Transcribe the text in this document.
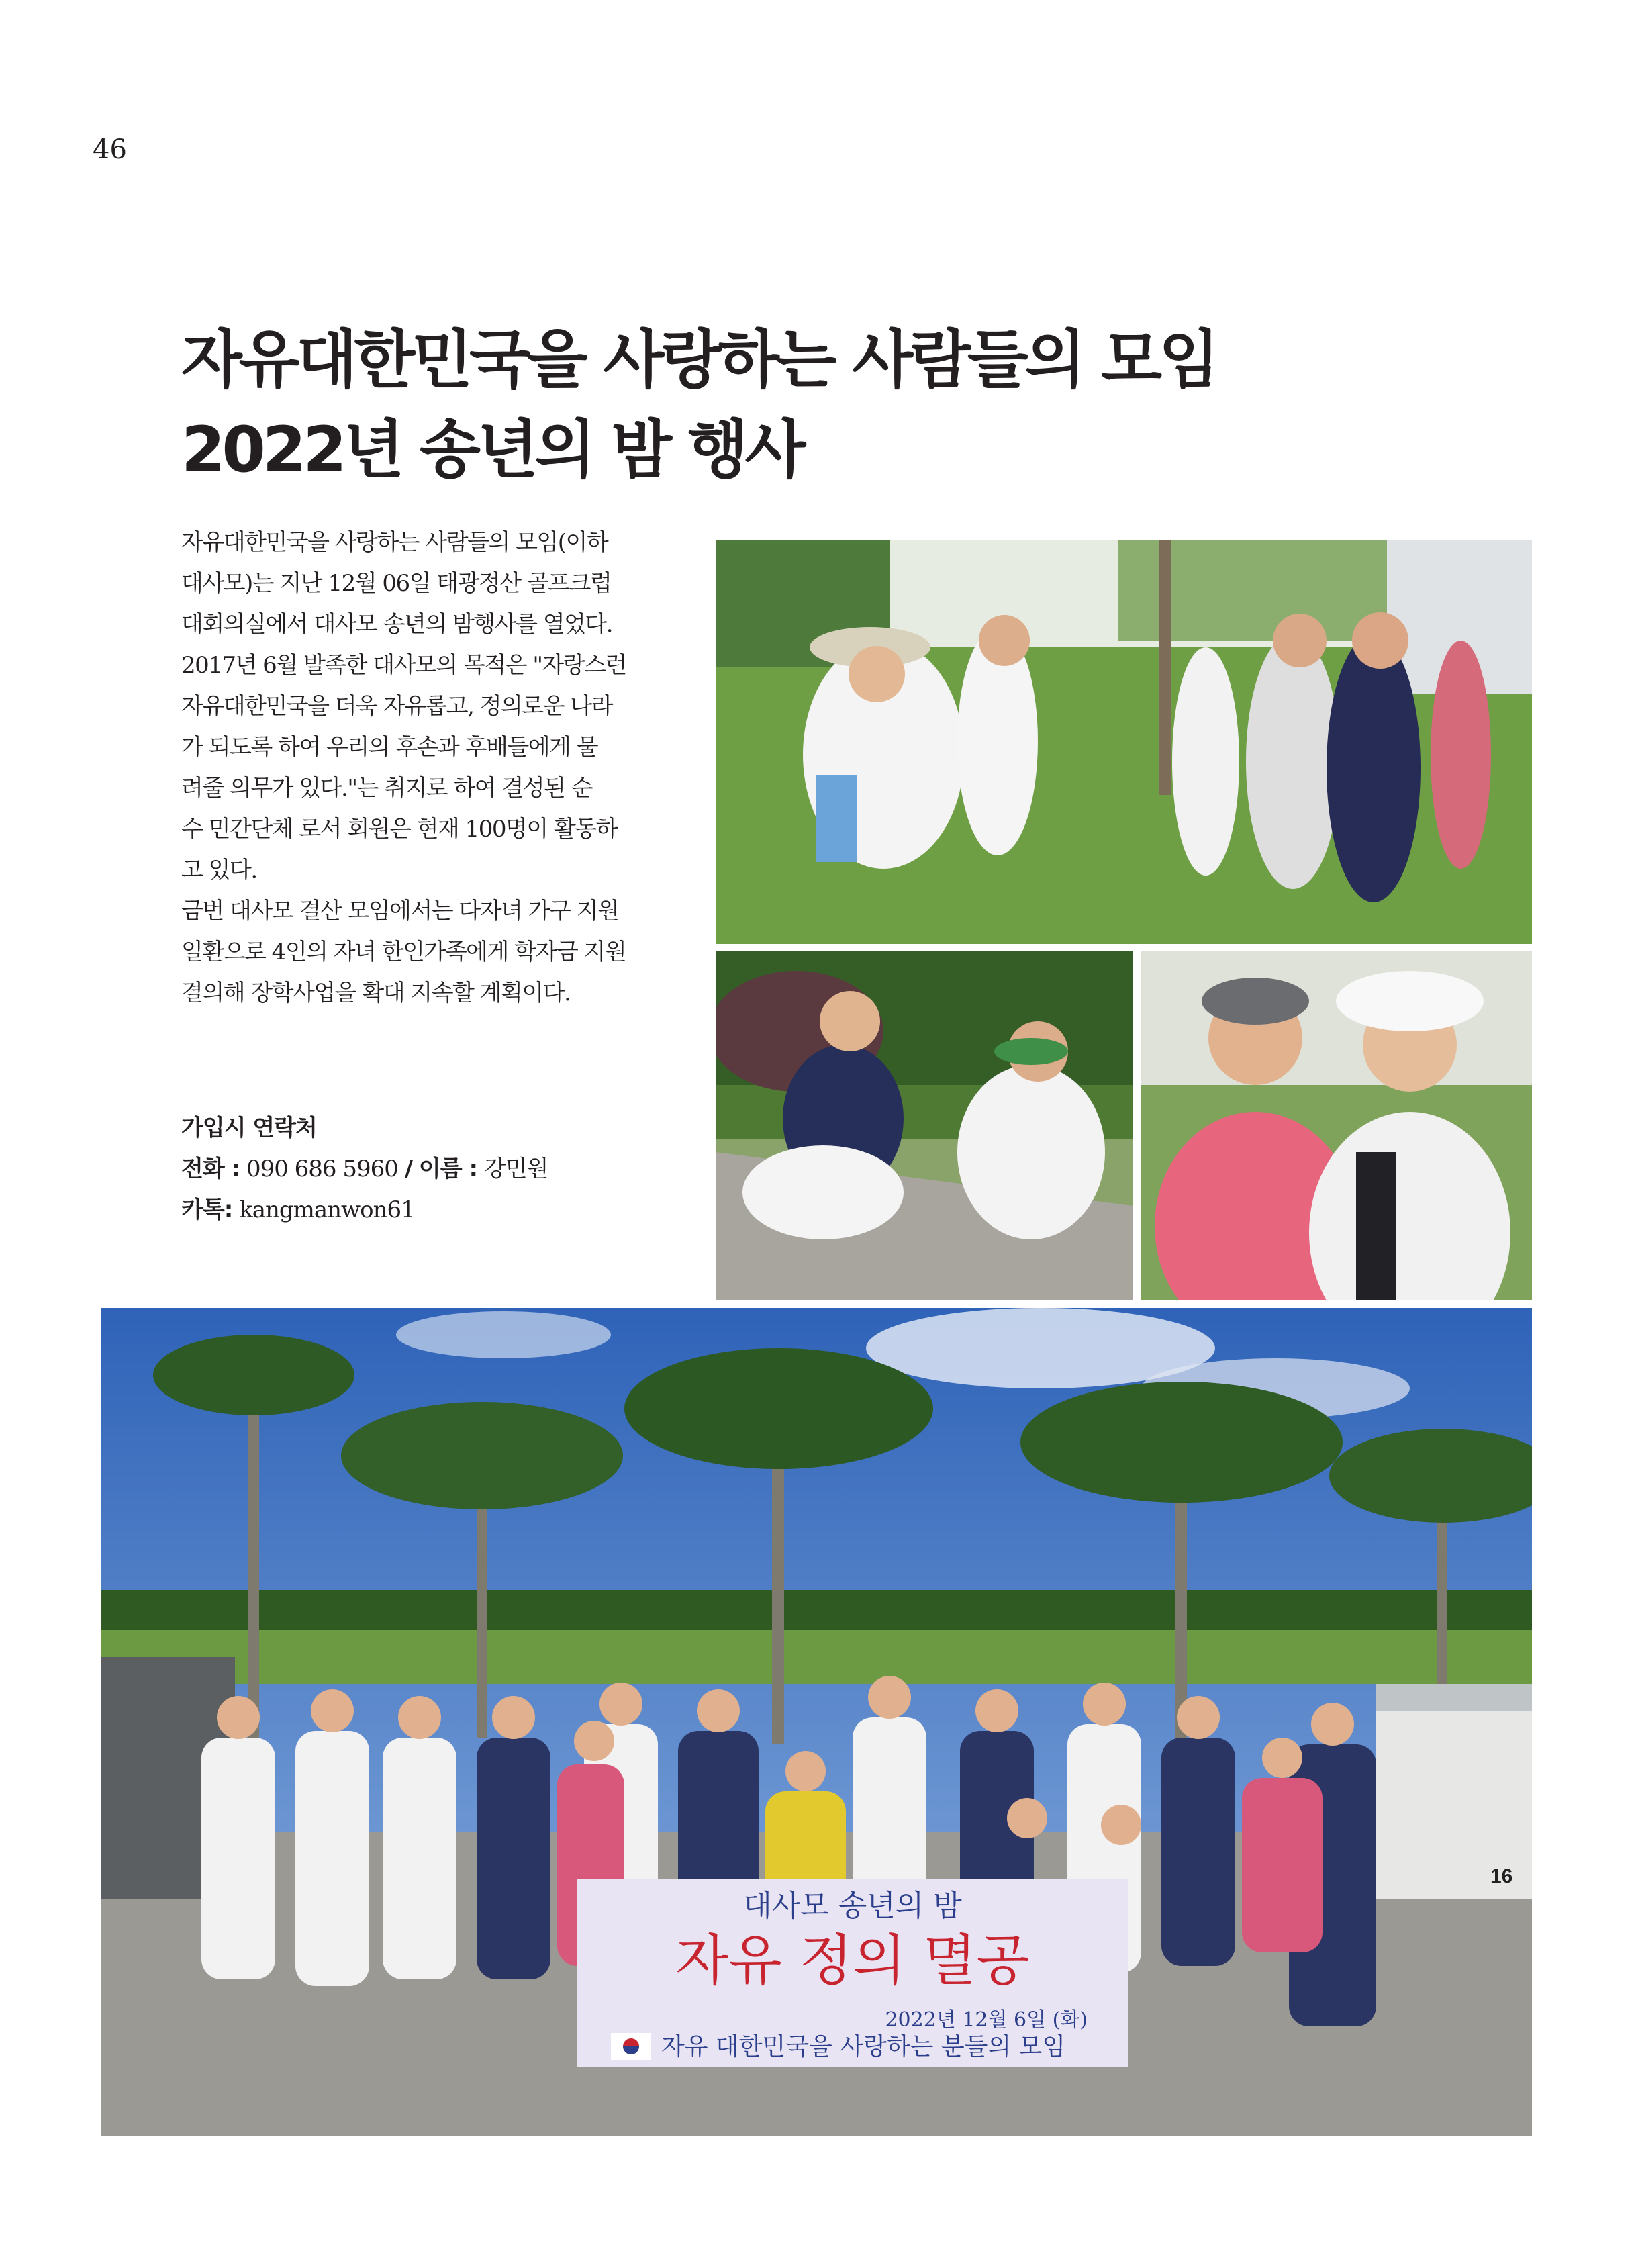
46
자유대한민국을 사랑하는 사람들의 모임
2022년 송년의 밤 행사

자유대한민국을 사랑하는 사람들의 모임(이하

대사모)는 지난 12월 06일 태광정산 골프크럽

대회의실에서 대사모 송년의 밤행사를 열었다.

2017년 6월 발족한 대사모의 목적은 "자랑스런

자유대한민국을 더욱 자유롭고, 정의로운 나라

가 되도록 하여 우리의 후손과 후배들에게 물

려줄 의무가 있다."는 취지로 하여 결성된 순

수 민간단체 로서 회원은 현재 100명이 활동하

고 있다.

금번 대사모 결산 모임에서는 다자녀 가구 지원

일환으로 4인의 자녀 한인가족에게 학자금 지원

결의해 장학사업을 확대 지속할 계획이다.

가입시 연락처
전화 : 090 686 5960 / 이름 : 강민원
카톡: kangmanwon61
16
대사모 송년의 밤
자유 정의 멸공
2022년 12월 6일 (화)
자유 대한민국을 사랑하는 분들의 모임
